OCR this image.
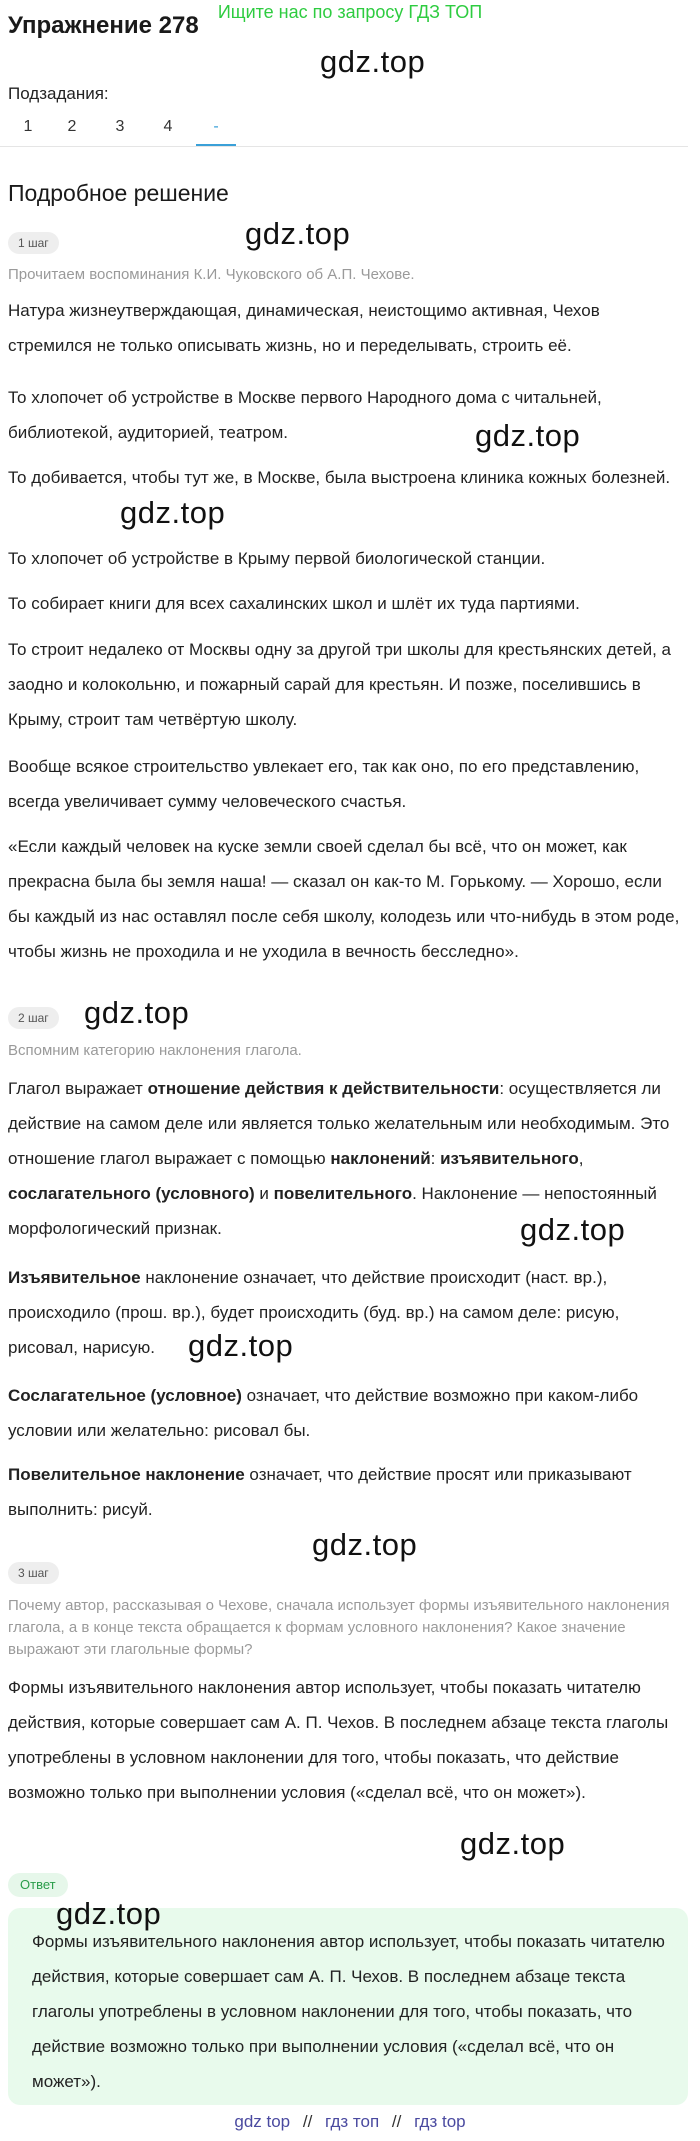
Ищите нас по запросу ГДЗ ТОП
Упражнение 278
gdz.top
Подзадания:
1	2	3	4	-
Подробное решение
1 шаг	gdz.top
Прочитаем воспоминания К.И. Чуковского об А.П. Чехове.

Натура жизнеутверждающая, динамическая, неистощимо активная, Чехов стремился не только описывать жизнь, но и переделывать, строить её.

То хлопочет об устройстве в Москве первого Народного дома с читальней, библиотекой, аудиторией, театром.	gdz.top

То добивается, чтобы тут же, в Москве, была выстроена клиника кожных болезней.

gdz.top

То хлопочет об устройстве в Крыму первой биологической станции.

То собирает книги для всех сахалинских школ и шлёт их туда партиями.

То строит недалеко от Москвы одну за другой три школы для крестьянских детей, а заодно и колокольню, и пожарный сарай для крестьян. И позже, поселившись в Крыму, строит там четвёртую школу.

Вообще всякое строительство увлекает его, так как оно, по его представлению, всегда увеличивает сумму человеческого счастья.

«Если каждый человек на куске земли своей сделал бы всё, что он может, как прекрасна была бы земля наша! — сказал он как-то М. Горькому. — Хорошо, если бы каждый из нас оставлял после себя школу, колодезь или что-нибудь в этом роде, чтобы жизнь не проходила и не уходила в вечность бесследно».

2 шаг	gdz.top
Вспомним категорию наклонения глагола.

Глагол выражает отношение действия к действительности: осуществляется ли действие на самом деле или является только желательным или необходимым. Это отношение глагол выражает с помощью наклонений: изъявительного, сослагательного (условного) и повелительного. Наклонение — непостоянный морфологический признак.	gdz.top

Изъявительное наклонение означает, что действие происходит (наст. вр.), происходило (прош. вр.), будет происходить (буд. вр.) на самом деле: рисую, рисовал, нарисую.	gdz.top

Сослагательное (условное) означает, что действие возможно при каком-либо условии или желательно: рисовал бы.

Повелительное наклонение означает, что действие просят или приказывают выполнить: рисуй.

gdz.top
3 шаг
Почему автор, рассказывая о Чехове, сначала использует формы изъявительного наклонения глагола, а в конце текста обращается к формам условного наклонения? Какое значение выражают эти глагольные формы?

Формы изъявительного наклонения автор использует, чтобы показать читателю действия, которые совершает сам А. П. Чехов. В последнем абзаце текста глаголы употреблены в условном наклонении для того, чтобы показать, что действие возможно только при выполнении условия («сделал всё, что он может»).

gdz.top
Ответ

Формы изъявительного наклонения автор использует, чтобы показать читателю действия, которые совершает сам А. П. Чехов. В последнем абзаце текста глаголы употреблены в условном наклонении для того, чтобы показать, что действие возможно только при выполнении условия («сделал всё, что он может»).

gdz.top
gdz top // гдз топ // гдз top
